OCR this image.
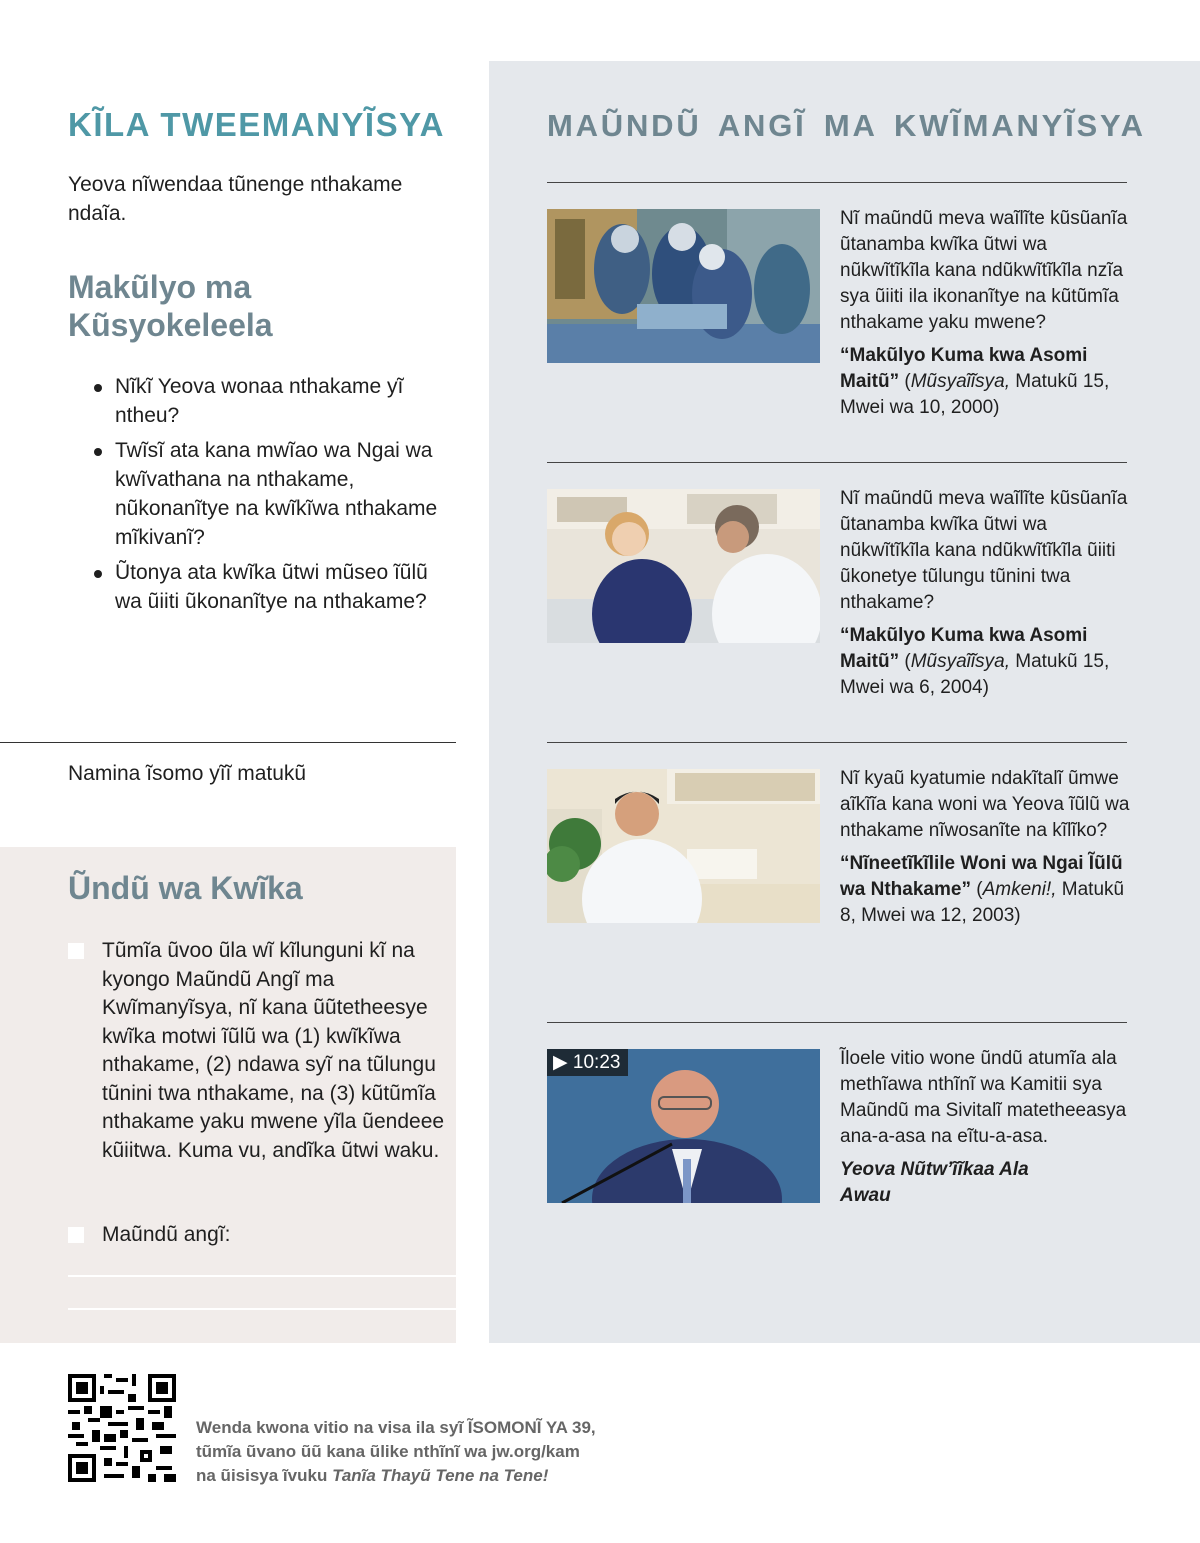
KĨLA TWEEMANYĨSYA

Yeova nĩwendaa tũnenge nthakame ndaĩa.

Makũlyo ma Kũsyokeleela
Nĩkĩ Yeova wonaa nthakame yĩ ntheu?
Twĩsĩ ata kana mwĩao wa Ngai wa kwĩvathana na nthakame, nũkonanĩtye na kwĩkĩwa nthakame mĩkivanĩ?
Ũtonya ata kwĩka ũtwi mũseo ĩũlũ wa ũiiti ũkonanĩtye na nthakame?
Namina ĩsomo yĩĩ matukũ
Ũndũ wa Kwĩka
Tũmĩa ũvoo ũla wĩ kĩlunguni kĩ na kyongo Maũndũ Angĩ ma Kwĩmanyĩsya, nĩ kana ũũtetheesye kwĩka motwi ĩũlũ wa (1) kwĩkĩwa nthakame, (2) ndawa syĩ na tũlungu tũnini twa nthakame, na (3) kũtũmĩa nthakame yaku mwene yĩla ũendeee kũiitwa. Kuma vu, andĩka ũtwi waku.
Maũndũ angĩ:
MAŨNDŨ ANGĨ MA KWĨMANYĨSYA
Nĩ maũndũ meva waĩlĩte kũsũanĩa ũtanamba kwĩka ũtwi wa nũkwĩtĩkĩla kana ndũkwĩtĩkĩla nzĩa sya ũiiti ila ikonanĩtye na kũtũmĩa nthakame yaku mwene?
“Makũlyo Kuma kwa Asomi Maitũ” (Mũsyaĩĩsya, Matukũ 15, Mwei wa 10, 2000)
Nĩ maũndũ meva waĩlĩte kũsũanĩa ũtanamba kwĩka ũtwi wa nũkwĩtĩkĩla kana ndũkwĩtĩkĩla ũiiti ũkonetye tũlungu tũnini twa nthakame?
“Makũlyo Kuma kwa Asomi Maitũ” (Mũsyaĩĩsya, Matukũ 15, Mwei wa 6, 2004)
Nĩ kyaũ kyatumie ndakĩtalĩ ũmwe aĩkĩĩa kana woni wa Yeova ĩũlũ wa nthakame nĩwosanĩte na kĩlĩko?
“Nĩneetĩkĩlile Woni wa Ngai Ĩũlũ wa Nthakame” (Amkeni!, Matukũ 8, Mwei wa 12, 2003)
▶ 10:23	Ĩloele vitio wone ũndũ atumĩa ala methĩawa nthĩnĩ wa Kamitii sya Maũndũ ma Sivitalĩ matetheeasya ana-a-asa na eĩtu-a-asa.
Yeova Nũtw’ĩĩkaa Ala Awau
Wenda kwona vitio na visa ila syĩ ĨSOMONĨ YA 39,
tũmĩa ũvano ũũ kana ũlike nthĩnĩ wa jw.org/kam
na ũisisya ĩvuku Tanĩa Thayũ Tene na Tene!
